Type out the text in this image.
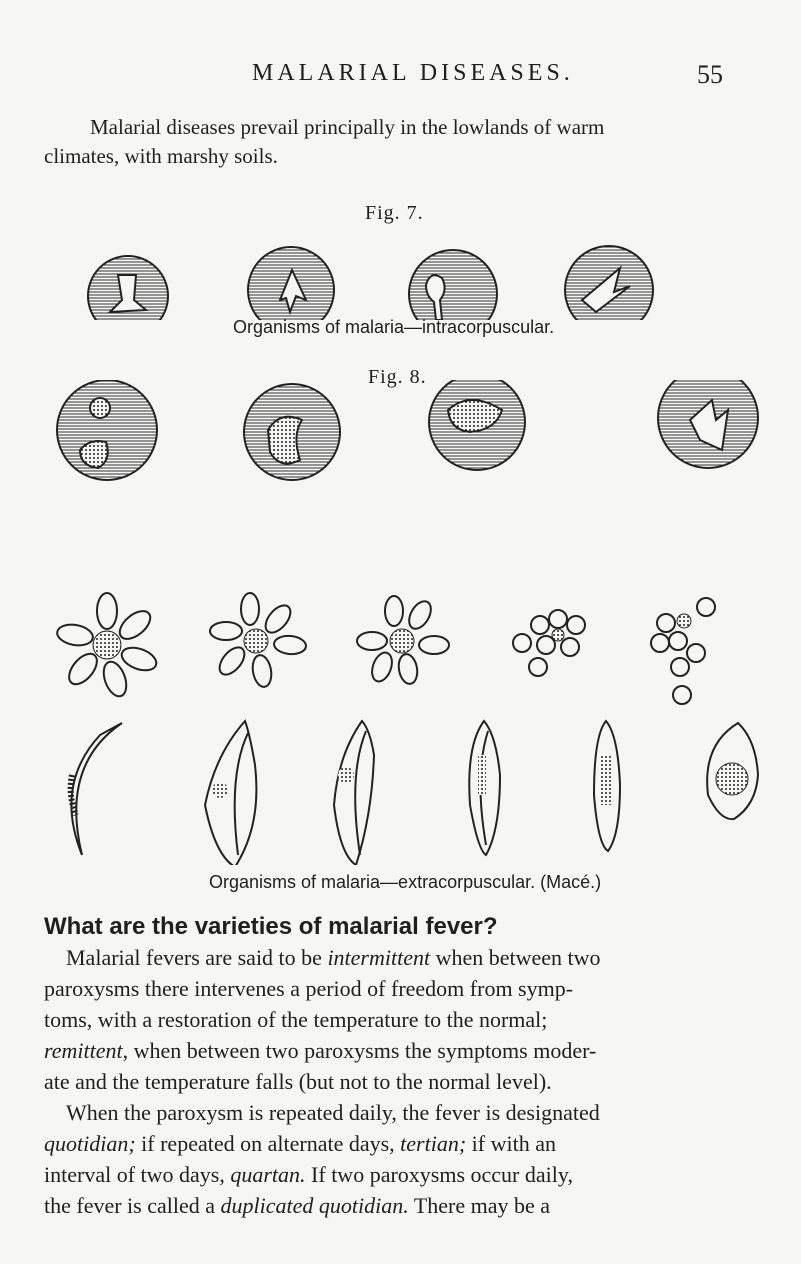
MALARIAL DISEASES.	55
Malarial diseases prevail principally in the lowlands of warm
climates, with marshy soils.
Fig. 7.
Organisms of malaria—intracorpuscular.
Fig. 8.
Organisms of malaria—extracorpuscular. (Macé.)
What are the varieties of malarial fever?
Malarial fevers are said to be intermittent when between two
paroxysms there intervenes a period of freedom from symp-
toms, with a restoration of the temperature to the normal;
remittent, when between two paroxysms the symptoms moder-
ate and the temperature falls (but not to the normal level).
When the paroxysm is repeated daily, the fever is designated
quotidian; if repeated on alternate days, tertian; if with an
interval of two days, quartan. If two paroxysms occur daily,
the fever is called a duplicated quotidian. There may be a
